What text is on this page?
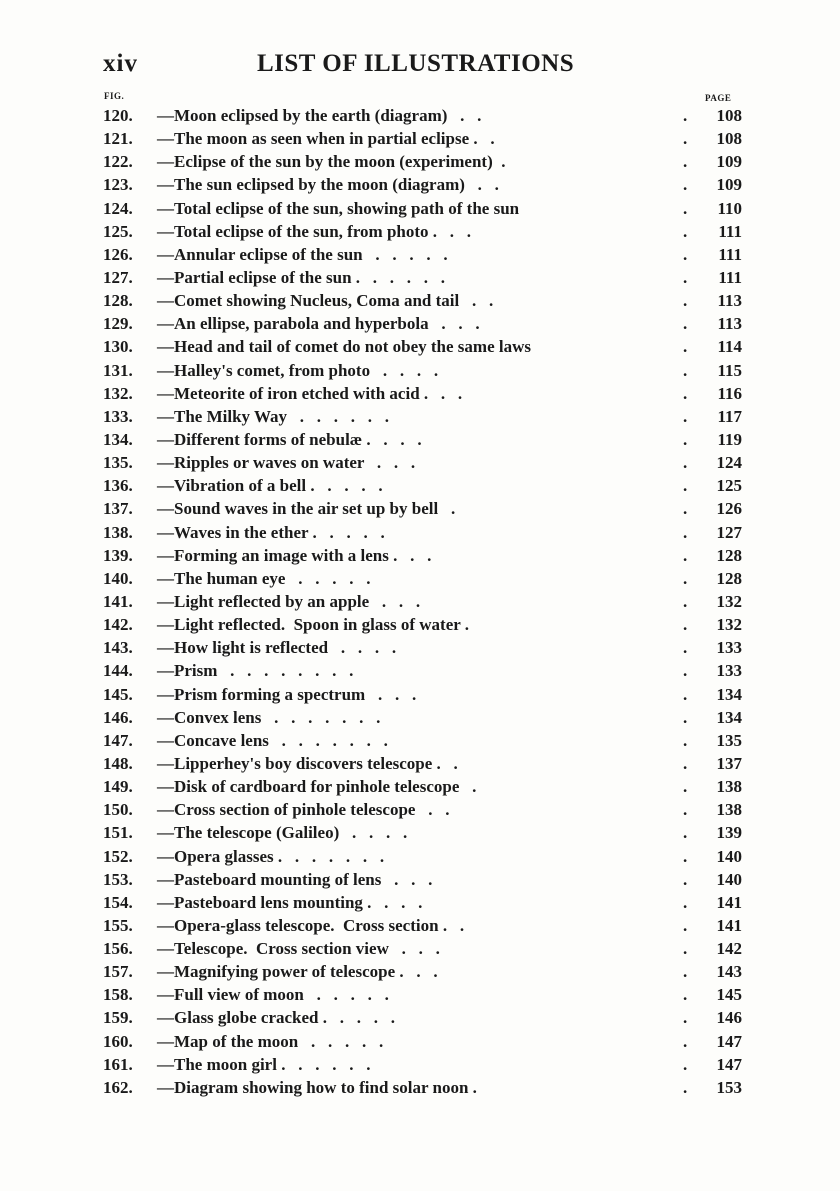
xiv	LIST OF ILLUSTRATIONS
FIG.	PAGE
120. —Moon eclipsed by the earth (diagram)   .   .	.	108
121. —The moon as seen when in partial eclipse .   .	.	108
122. —Eclipse of the sun by the moon (experiment)  .	.	109
123. —The sun eclipsed by the moon (diagram)   .   .	.	109
124. —Total eclipse of the sun, showing path of the sun	.	110
125. —Total eclipse of the sun, from photo .   .   .	.	111
126. —Annular eclipse of the sun   .   .   .   .   .	.	111
127. —Partial eclipse of the sun .   .   .   .   .   .	.	111
128. —Comet showing Nucleus, Coma and tail   .   .	.	113
129. —An ellipse, parabola and hyperbola   .   .   .	.	113
130. —Head and tail of comet do not obey the same laws	.	114
131. —Halley's comet, from photo   .   .   .   .	.	115
132. —Meteorite of iron etched with acid .   .   .	.	116
133. —The Milky Way   .   .   .   .   .   .	.	117
134. —Different forms of nebulæ .   .   .   .	.	119
135. —Ripples or waves on water   .   .   .	.	124
136. —Vibration of a bell .   .   .   .   .	.	125
137. —Sound waves in the air set up by bell   .	.	126
138. —Waves in the ether .   .   .   .   .	.	127
139. —Forming an image with a lens .   .   .	.	128
140. —The human eye   .   .   .   .   .	.	128
141. —Light reflected by an apple   .   .   .	.	132
142. —Light reflected.  Spoon in glass of water .	.	132
143. —How light is reflected   .   .   .   .	.	133
144. —Prism   .   .   .   .   .   .   .   .	.	133
145. —Prism forming a spectrum   .   .   .	.	134
146. —Convex lens   .   .   .   .   .   .   .	.	134
147. —Concave lens   .   .   .   .   .   .   .	.	135
148. —Lipperhey's boy discovers telescope .   .	.	137
149. —Disk of cardboard for pinhole telescope   .	.	138
150. —Cross section of pinhole telescope   .   .	.	138
151. —The telescope (Galileo)   .   .   .   .	.	139
152. —Opera glasses .   .   .   .   .   .   .	.	140
153. —Pasteboard mounting of lens   .   .   .	.	140
154. —Pasteboard lens mounting .   .   .   .	.	141
155. —Opera-glass telescope.  Cross section .   .	.	141
156. —Telescope.  Cross section view   .   .   .	.	142
157. —Magnifying power of telescope .   .   .	.	143
158. —Full view of moon   .   .   .   .   .	.	145
159. —Glass globe cracked .   .   .   .   .	.	146
160. —Map of the moon   .   .   .   .   .	.	147
161. —The moon girl .   .   .   .   .   .	.	147
162. —Diagram showing how to find solar noon .	.	153
